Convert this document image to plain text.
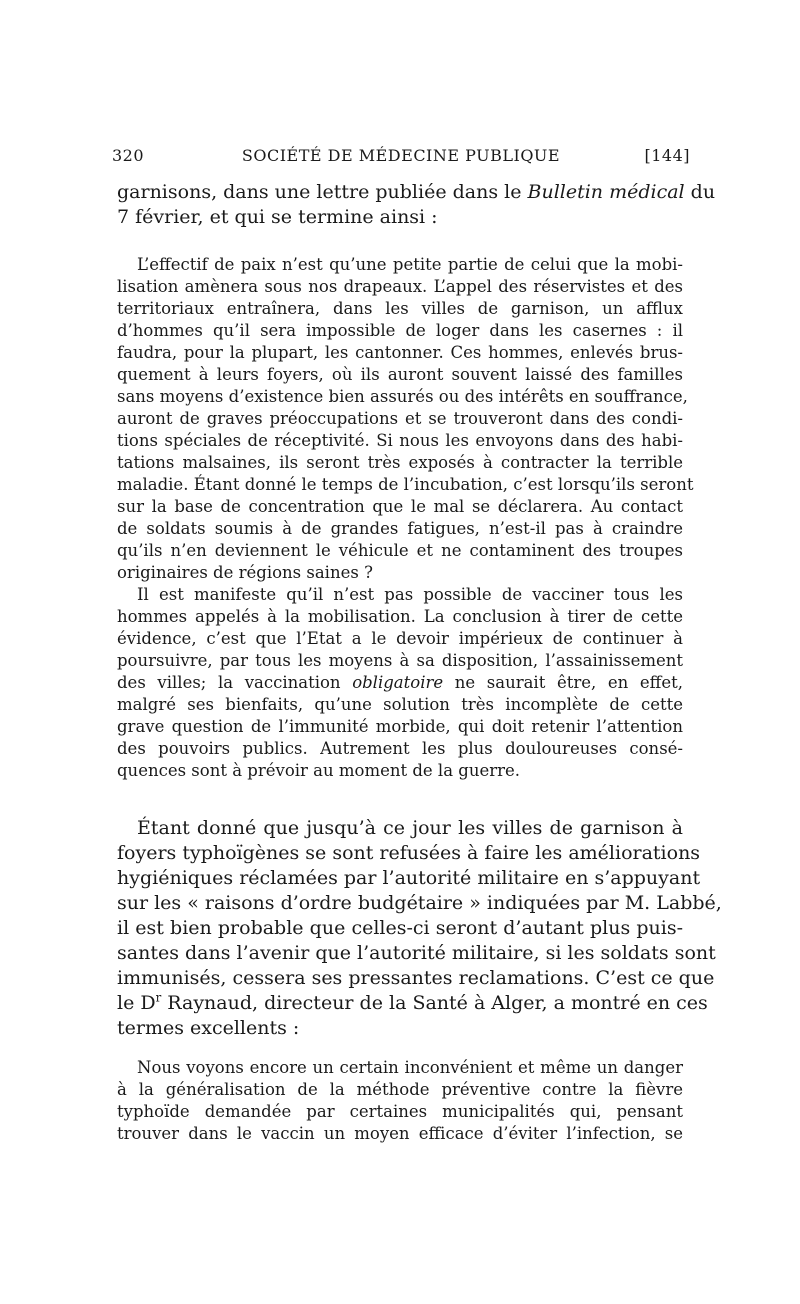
320	SOCIÉTÉ DE MÉDECINE PUBLIQUE	[144]
garnisons, dans une lettre publiée dans le Bulletin médical du
7 février, et qui se termine ainsi :
L’effectif de paix n’est qu’une petite partie de celui que la mobi-
lisation amènera sous nos drapeaux. L’appel des réservistes et des
territoriaux entraînera, dans les villes de garnison, un afflux
d’hommes qu’il sera impossible de loger dans les casernes : il
faudra, pour la plupart, les cantonner. Ces hommes, enlevés brus-
quement à leurs foyers, où ils auront souvent laissé des familles
sans moyens d’existence bien assurés ou des intérêts en souffrance,
auront de graves préoccupations et se trouveront dans des condi-
tions spéciales de réceptivité. Si nous les envoyons dans des habi-
tations malsaines, ils seront très exposés à contracter la terrible
maladie. Étant donné le temps de l’incubation, c’est lorsqu’ils seront
sur la base de concentration que le mal se déclarera. Au contact
de soldats soumis à de grandes fatigues, n’est-il pas à craindre
qu’ils n’en deviennent le véhicule et ne contaminent des troupes
originaires de régions saines ?
Il est manifeste qu’il n’est pas possible de vacciner tous les
hommes appelés à la mobilisation. La conclusion à tirer de cette
évidence, c’est que l’Etat a le devoir impérieux de continuer à
poursuivre, par tous les moyens à sa disposition, l’assainissement
des villes; la vaccination obligatoire ne saurait être, en effet,
malgré ses bienfaits, qu’une solution très incomplète de cette
grave question de l’immunité morbide, qui doit retenir l’attention
des pouvoirs publics. Autrement les plus douloureuses consé-
quences sont à prévoir au moment de la guerre.
Étant donné que jusqu’à ce jour les villes de garnison à
foyers typhoïgènes se sont refusées à faire les améliorations
hygiéniques réclamées par l’autorité militaire en s’appuyant
sur les « raisons d’ordre budgétaire » indiquées par M. Labbé,
il est bien probable que celles-ci seront d’autant plus puis-
santes dans l’avenir que l’autorité militaire, si les soldats sont
immunisés, cessera ses pressantes reclamations. C’est ce que
le $D^r$ Raynaud, directeur de la Santé à Alger, a montré en ces
termes excellents :
Nous voyons encore un certain inconvénient et même un danger
à la généralisation de la méthode préventive contre la fièvre
typhoïde demandée par certaines municipalités qui, pensant
trouver dans le vaccin un moyen efficace d’éviter l’infection, se
